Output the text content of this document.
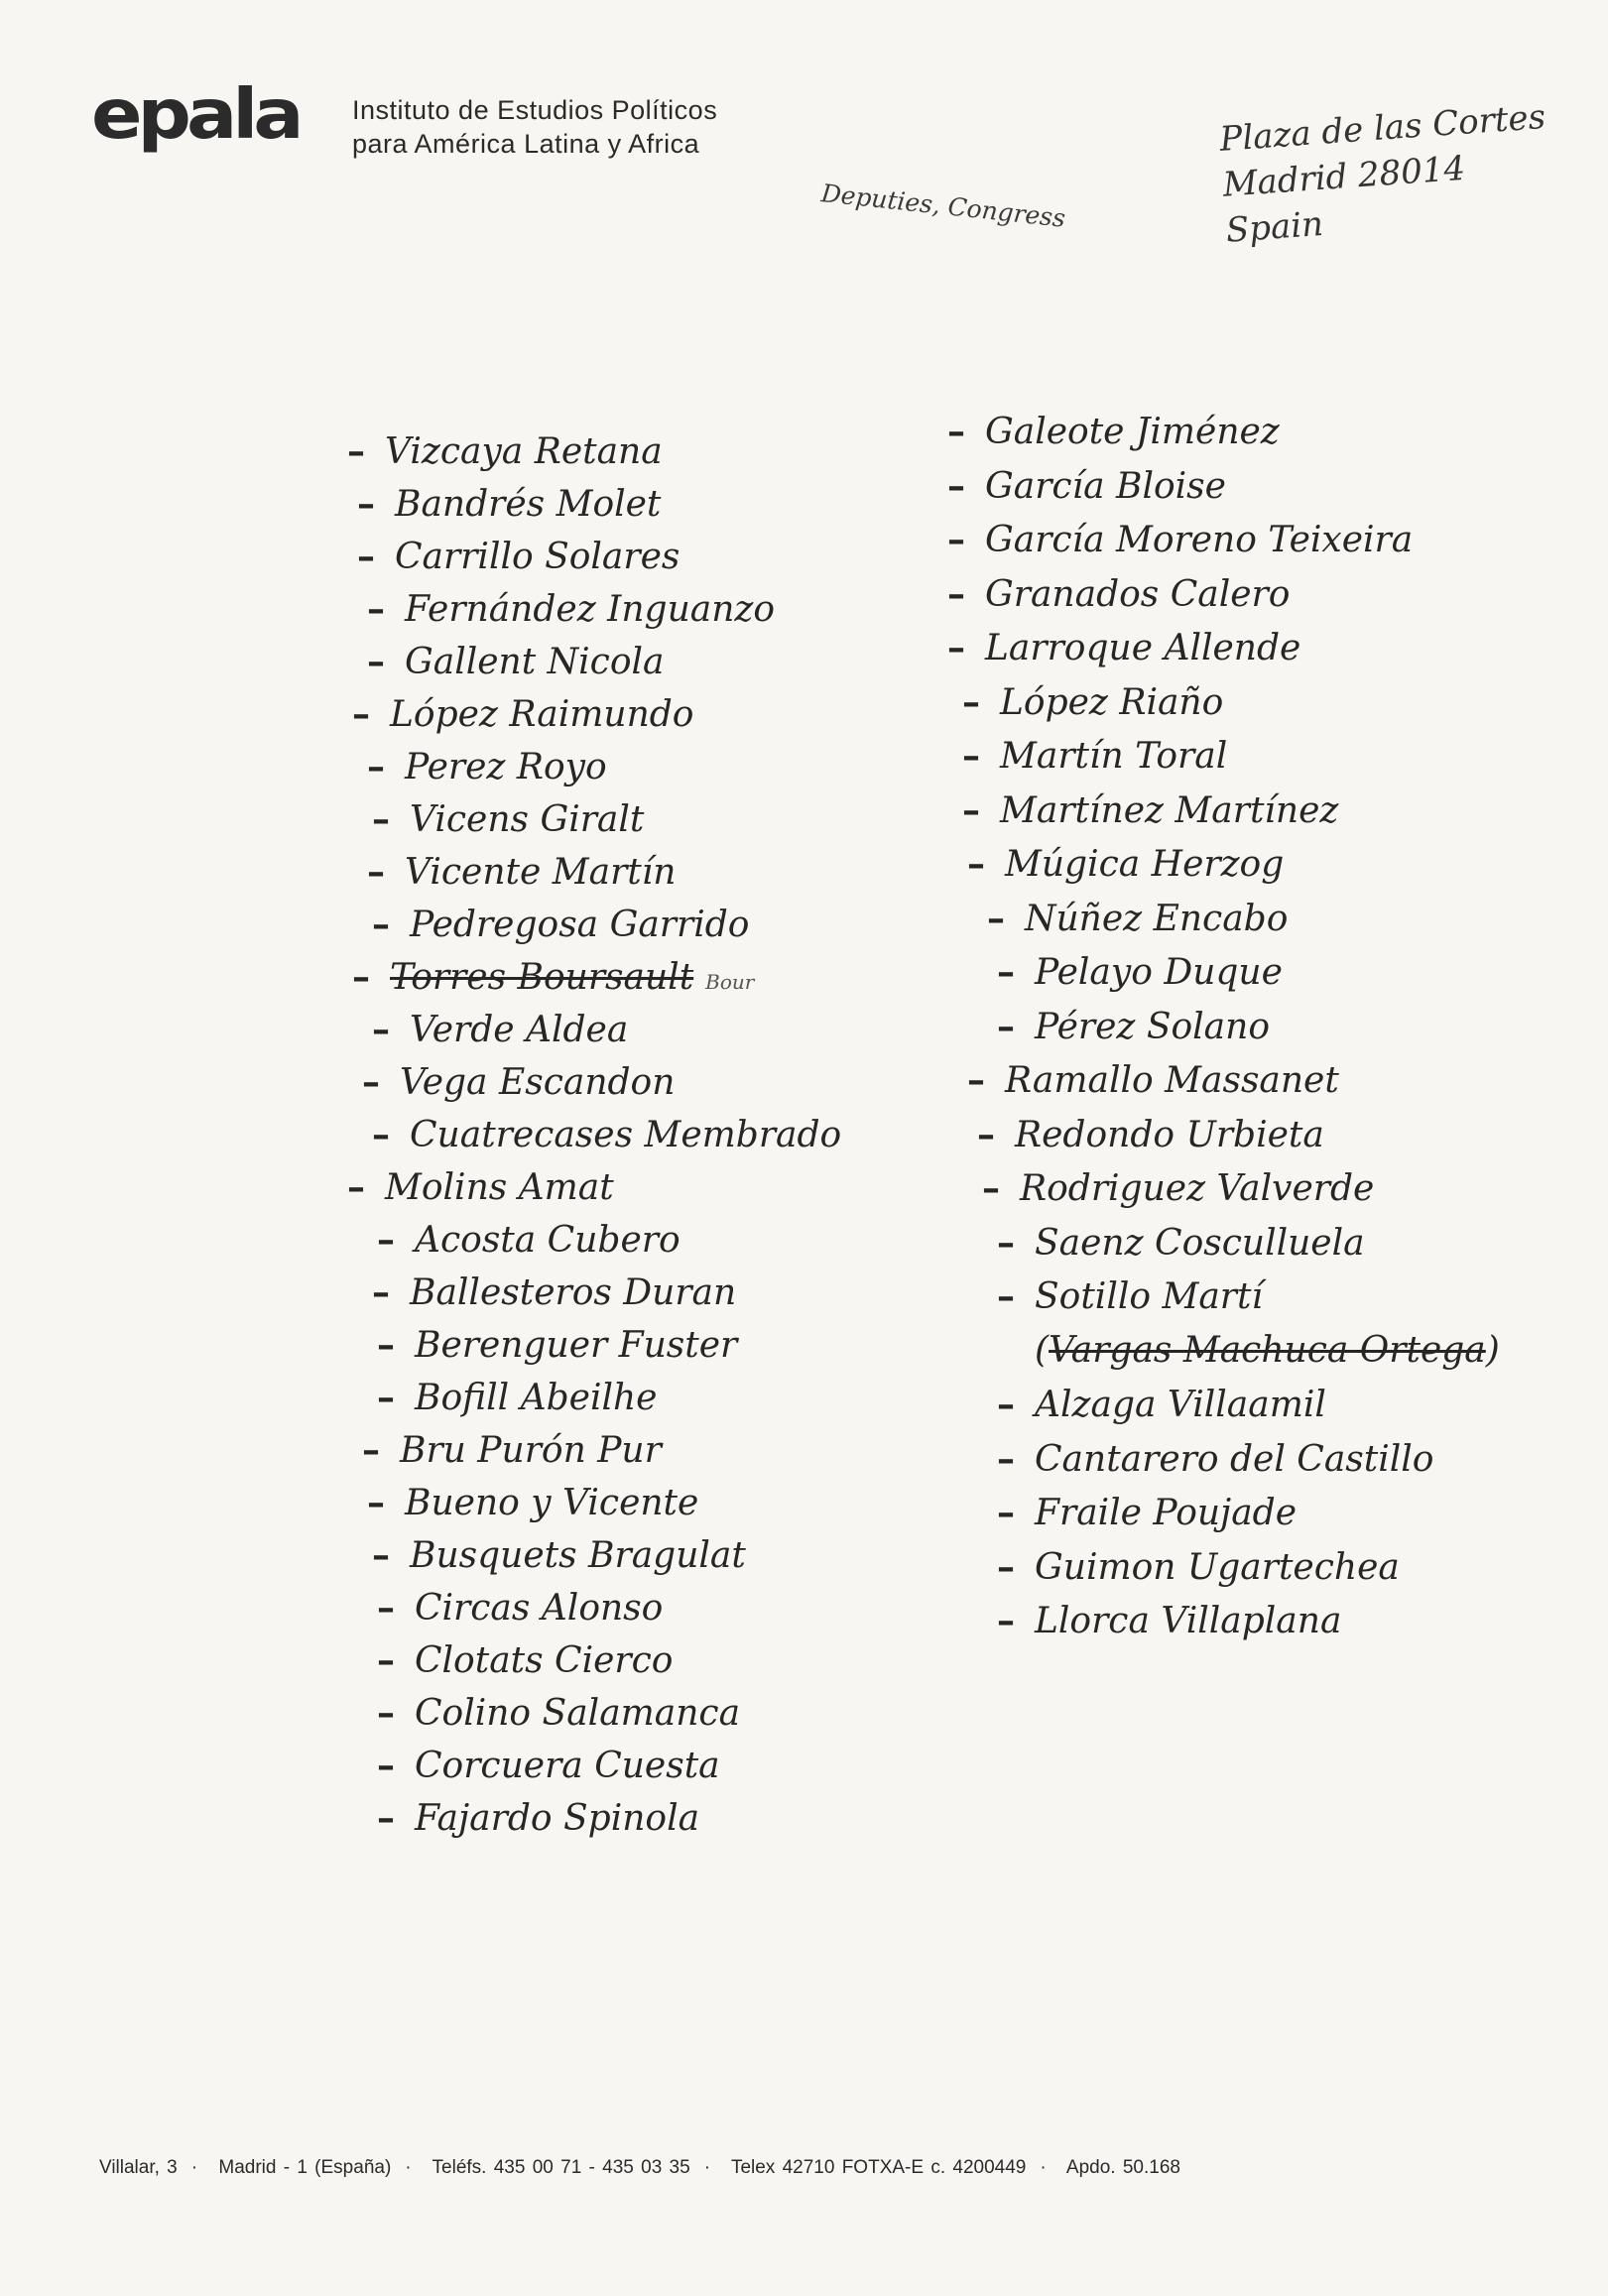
epala Instituto de Estudios Políticos
para América Latina y Africa
Deputies, Congress
Plaza de las Cortes
Madrid 28014
Spain
– Vizcaya Retana
– Bandrés Molet
– Carrillo Solares
– Fernández Inguanzo
– Gallent Nicola
– López Raimundo
– Perez Royo
– Vicens Giralt
– Vicente Martín
– Pedregosa Garrido
– Torres Boursault Bour
– Verde Aldea
– Vega Escandon
– Cuatrecases Membrado
– Molins Amat
– Acosta Cubero
– Ballesteros Duran
– Berenguer Fuster
– Bofill Abeilhe
– Bru Purón Pur
– Bueno y Vicente
– Busquets Bragulat
– Circas Alonso
– Clotats Cierco
– Colino Salamanca
– Corcuera Cuesta
– Fajardo Spinola
– Galeote Jiménez
– García Bloise
– García Moreno Teixeira
– Granados Calero
– Larroque Allende
– López Riaño
– Martín Toral
– Martínez Martínez
– Múgica Herzog
– Núñez Encabo
– Pelayo Duque
– Pérez Solano
– Ramallo Massanet
– Redondo Urbieta
– Rodriguez Valverde
– Saenz Cosculluela
– Sotillo Martí
(Vargas Machuca Ortega)
– Alzaga Villaamil
– Cantarero del Castillo
– Fraile Poujade
– Guimon Ugartechea
– Llorca Villaplana
Villalar, 3 · Madrid - 1 (España) · Teléfs. 435 00 71 - 435 03 35 · Telex 42710 FOTXA-E c. 4200449 · Apdo. 50.168
